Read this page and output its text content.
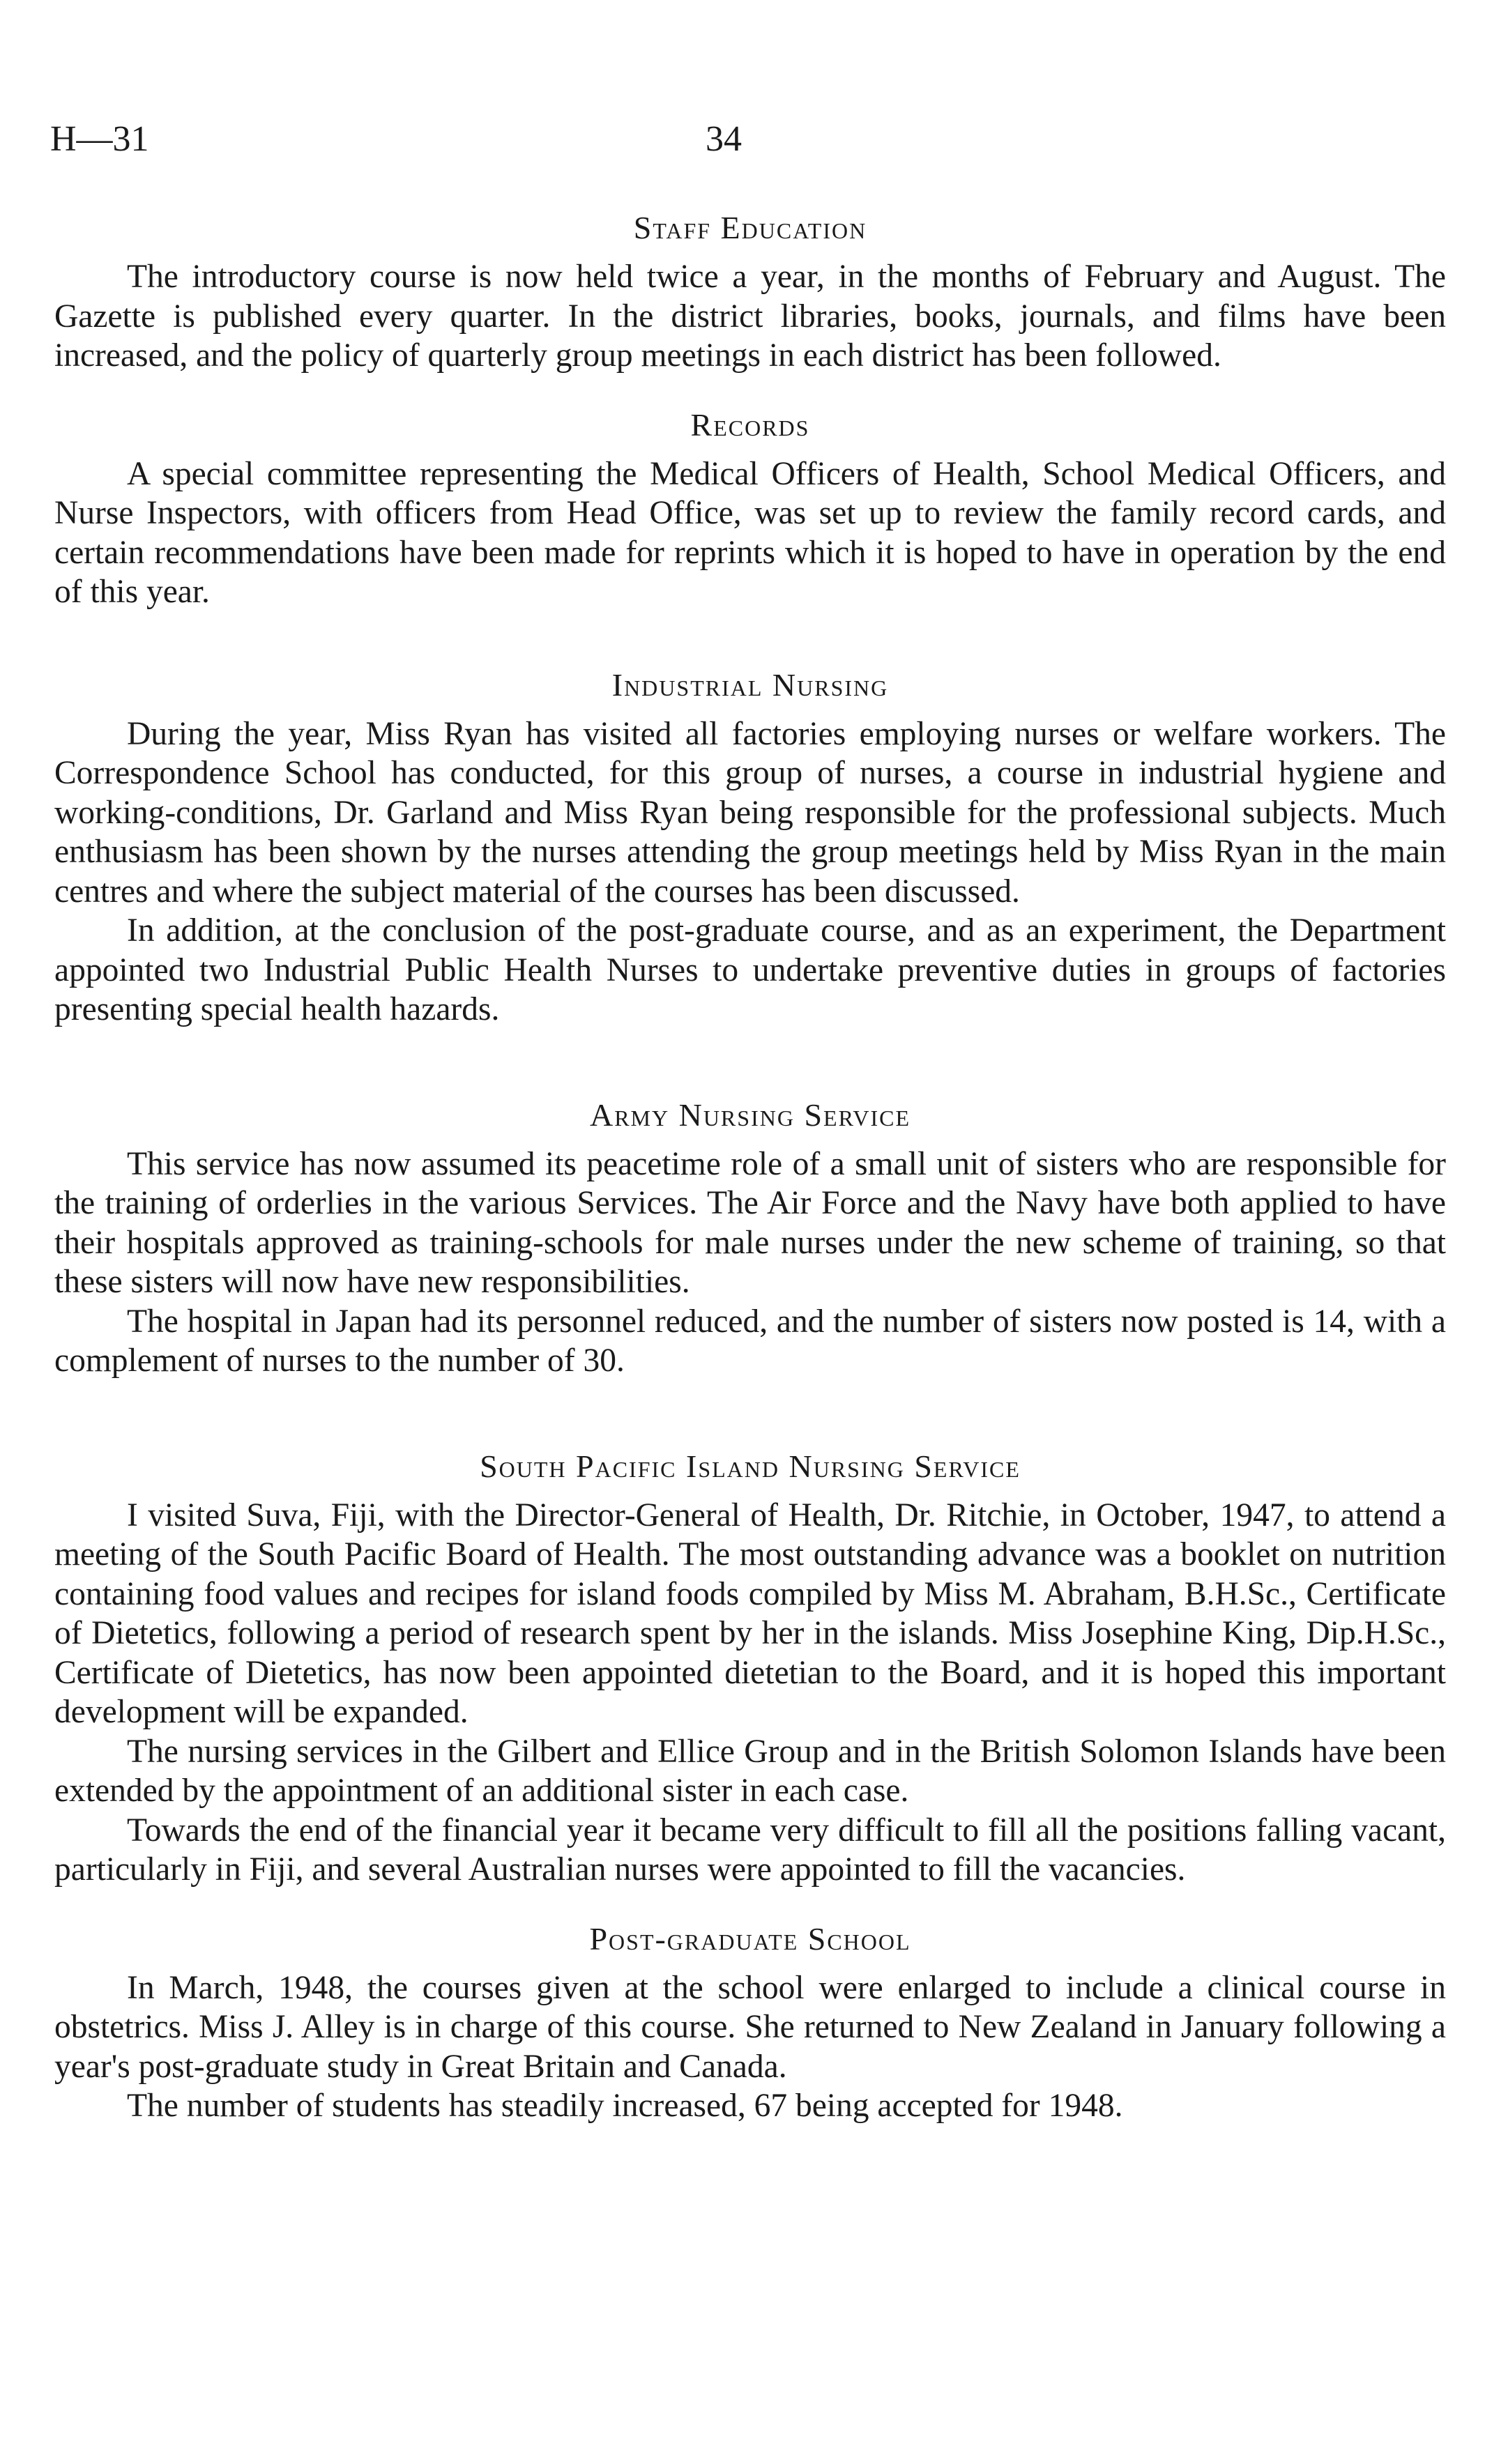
H—31	34
Staff Education

The introductory course is now held twice a year, in the months of February and August. The Gazette is published every quarter. In the district libraries, books, journals, and films have been increased, and the policy of quarterly group meetings in each district has been followed.

Records

A special committee representing the Medical Officers of Health, School Medical Officers, and Nurse Inspectors, with officers from Head Office, was set up to review the family record cards, and certain recommendations have been made for reprints which it is hoped to have in operation by the end of this year.

Industrial Nursing

During the year, Miss Ryan has visited all factories employing nurses or welfare workers. The Correspondence School has conducted, for this group of nurses, a course in industrial hygiene and working-conditions, Dr. Garland and Miss Ryan being responsible for the professional subjects. Much enthusiasm has been shown by the nurses attending the group meetings held by Miss Ryan in the main centres and where the subject material of the courses has been discussed.

In addition, at the conclusion of the post-graduate course, and as an experiment, the Department appointed two Industrial Public Health Nurses to undertake preventive duties in groups of factories presenting special health hazards.

Army Nursing Service

This service has now assumed its peacetime role of a small unit of sisters who are responsible for the training of orderlies in the various Services. The Air Force and the Navy have both applied to have their hospitals approved as training-schools for male nurses under the new scheme of training, so that these sisters will now have new responsibilities.

The hospital in Japan had its personnel reduced, and the number of sisters now posted is 14, with a complement of nurses to the number of 30.

South Pacific Island Nursing Service

I visited Suva, Fiji, with the Director-General of Health, Dr. Ritchie, in October, 1947, to attend a meeting of the South Pacific Board of Health. The most outstanding advance was a booklet on nutrition containing food values and recipes for island foods compiled by Miss M. Abraham, B.H.Sc., Certificate of Dietetics, following a period of research spent by her in the islands. Miss Josephine King, Dip.H.Sc., Certificate of Dietetics, has now been appointed dietetian to the Board, and it is hoped this important development will be expanded.

The nursing services in the Gilbert and Ellice Group and in the British Solomon Islands have been extended by the appointment of an additional sister in each case.

Towards the end of the financial year it became very difficult to fill all the positions falling vacant, particularly in Fiji, and several Australian nurses were appointed to fill the vacancies.

Post-graduate School

In March, 1948, the courses given at the school were enlarged to include a clinical course in obstetrics. Miss J. Alley is in charge of this course. She returned to New Zealand in January following a year's post-graduate study in Great Britain and Canada.

The number of students has steadily increased, 67 being accepted for 1948.
